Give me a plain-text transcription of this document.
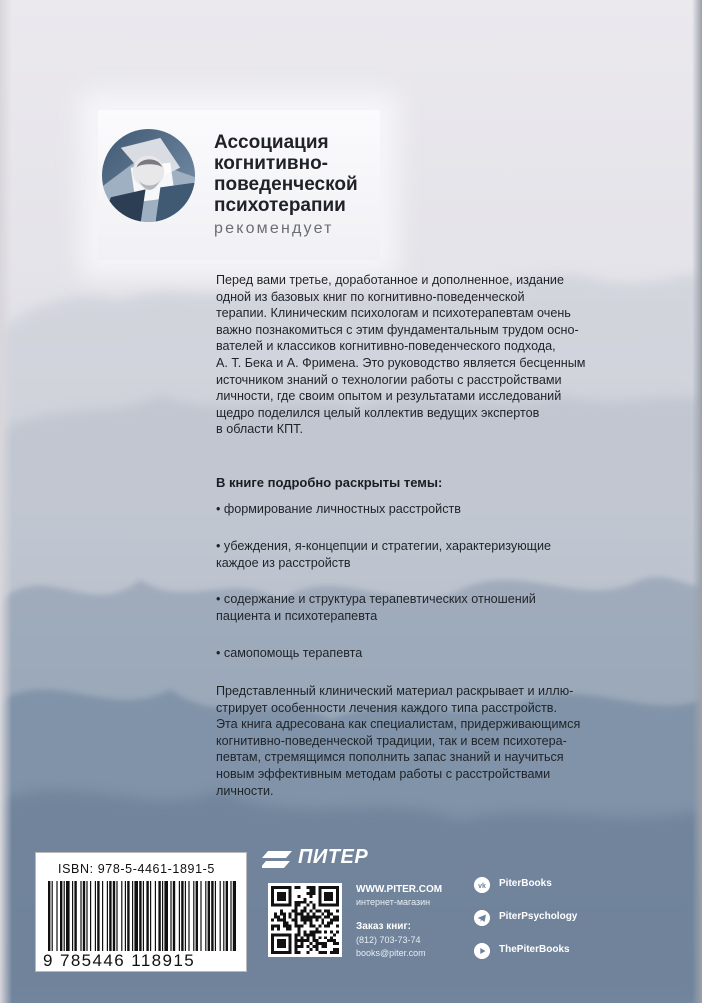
Ассоциация
когнитивно-
поведенческой
психотерапии
рекомендует
Перед вами третье, доработанное и дополненное, издание
одной из базовых книг по когнитивно-поведенческой
терапии. Клиническим психологам и психотерапевтам очень
важно познакомиться с этим фундаментальным трудом осно-
вателей и классиков когнитивно-поведенческого подхода,
А. Т. Бека и А. Фримена. Это руководство является бесценным
источником знаний о технологии работы с расстройствами
личности, где своим опытом и результатами исследований
щедро поделился целый коллектив ведущих экспертов
в области КПТ.
В книге подробно раскрыты темы:
• формирование личностных расстройств
• убеждения, я-концепции и стратегии, характеризующие
каждое из расстройств
• содержание и структура терапевтических отношений
пациента и психотерапевта
• самопомощь терапевта
Представленный клинический материал раскрывает и иллю-
стрирует особенности лечения каждого типа расстройств.
Эта книга адресована как специалистам, придерживающимся
когнитивно-поведенческой традиции, так и всем психотера-
певтам, стремящимся пополнить запас знаний и научиться
новым эффективным методам работы с расстройствами
личности.
ISBN: 978-5-4461-1891-5
9 785446 118915
ПИТЕР
WWW.PITER.COM
интернет-магазин
Заказ книг:
(812) 703-73-74
books@piter.com
vk PiterBooks
PiterPsychology
ThePiterBooks
